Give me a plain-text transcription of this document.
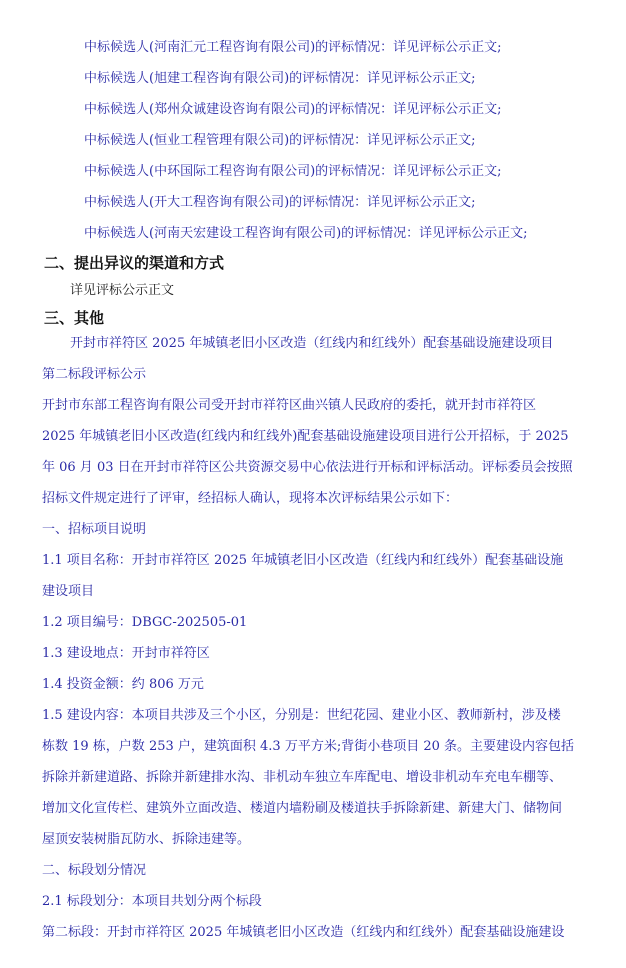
中标候选人(河南汇元工程咨询有限公司)的评标情况：详见评标公示正文;
中标候选人(旭建工程咨询有限公司)的评标情况：详见评标公示正文;
中标候选人(郑州众诚建设咨询有限公司)的评标情况：详见评标公示正文;
中标候选人(恒业工程管理有限公司)的评标情况：详见评标公示正文;
中标候选人(中环国际工程咨询有限公司)的评标情况：详见评标公示正文;
中标候选人(开大工程咨询有限公司)的评标情况：详见评标公示正文;
中标候选人(河南天宏建设工程咨询有限公司)的评标情况：详见评标公示正文;
二、提出异议的渠道和方式
详见评标公示正文
三、其他
开封市祥符区 2025 年城镇老旧小区改造（红线内和红线外）配套基础设施建设项目
第二标段评标公示
开封市东部工程咨询有限公司受开封市祥符区曲兴镇人民政府的委托，就开封市祥符区
2025 年城镇老旧小区改造(红线内和红线外)配套基础设施建设项目进行公开招标，于 2025
年 06 月 03 日在开封市祥符区公共资源交易中心依法进行开标和评标活动。评标委员会按照
招标文件规定进行了评审，经招标人确认，现将本次评标结果公示如下：
一、招标项目说明
1.1 项目名称：开封市祥符区 2025 年城镇老旧小区改造（红线内和红线外）配套基础设施
建设项目
1.2 项目编号：DBGC-202505-01
1.3 建设地点：开封市祥符区
1.4 投资金额：约 806 万元
1.5 建设内容：本项目共涉及三个小区，分别是：世纪花园、建业小区、教师新村，涉及楼
栋数 19 栋，户数 253 户，建筑面积 4.3 万平方米;背街小巷项目 20 条。主要建设内容包括
拆除并新建道路、拆除并新建排水沟、非机动车独立车库配电、增设非机动车充电车棚等、
增加文化宣传栏、建筑外立面改造、楼道内墙粉刷及楼道扶手拆除新建、新建大门、储物间
屋顶安装树脂瓦防水、拆除违建等。
二、标段划分情况
2.1 标段划分：本项目共划分两个标段
第二标段：开封市祥符区 2025 年城镇老旧小区改造（红线内和红线外）配套基础设施建设
